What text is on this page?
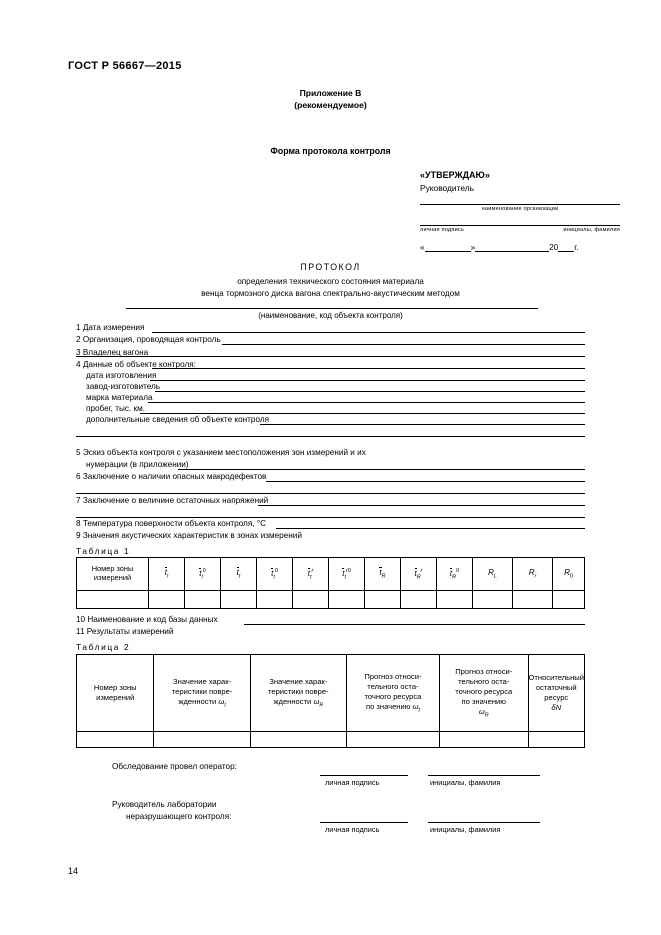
ГОСТ Р 56667—2015
Приложение В
(рекомендуемое)
Форма протокола контроля
«УТВЕРЖДАЮ»
Руководитель
наименование организации
личная подпись	инициалы, фамилия
«	»	20 г.
ПРОТОКОЛ
определения технического состояния материала
венца тормозного диска вагона спектрально-акустическим методом
(наименование, код объекта контроля)
1 Дата измерения
2 Организация, проводящая контроль
3 Владелец вагона
4 Данные об объекте контроля:
дата изготовления
завод-изготовитель
марка материала
пробег, тыс. км.
дополнительные сведения об объекте контроля
5 Эскиз объекта контроля с указанием местоположения зон измерений и их
нумерации (в приложении)
6 Заключение о наличии опасных макродефектов
7 Заключение о величине остаточных напряжений
8 Температура поверхности объекта контроля, °С
9 Значения акустических характеристик в зонах измерений
Таблица 1
Номер зоны
измерений	$t_l$	$t_l^0$	$t_t$	$t_t^0$	$t_t^r$	$t_t^{r0}$	$t_R$	$t_R^r$	$t_R^0$	$R_L$	$R_r$	$R_0$

10 Наименование и код базы данных
11 Результаты измерений
Таблица 2
Номер зоны
измерений

Значение харак-
теристики повре-
жденности $\omega_t$

Значение харак-
теристики повре-
жденности $\omega_R$

Прогноз относи-
тельного оста-
точного ресурса
по значению $\omega_t$

Прогноз относи-
тельного оста-
точного ресурса
по значению
$\omega_R$

Относительный
остаточный
ресурс
δN

Обследование провел оператор:
личная подпись	инициалы, фамилия
Руководитель лаборатории
неразрушающего контроля:
личная подпись	инициалы, фамилия
14
